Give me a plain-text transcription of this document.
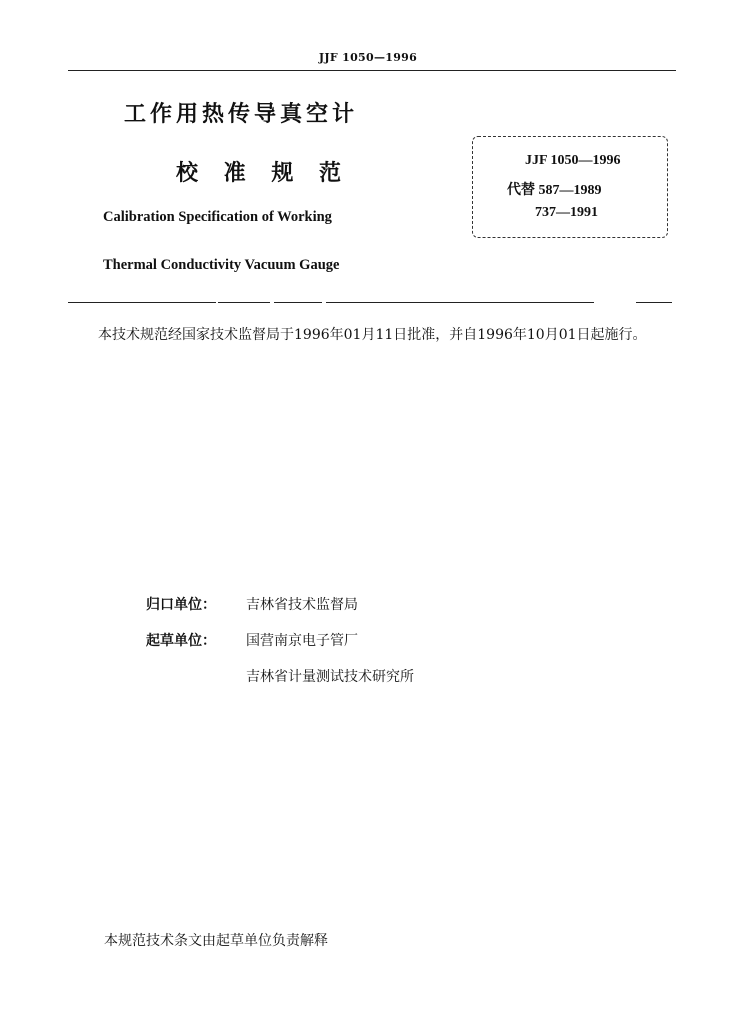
JJF 1050—1996
工作用热传导真空计
校 准 规 范
Calibration Specification of Working
Thermal Conductivity Vacuum Gauge
JJF 1050—1996
代替 587—1989
737—1991
本技术规范经国家技术监督局于1996年01月11日批准，并自1996年10月01日起施行。
归口单位： 吉林省技术监督局
起草单位： 国营南京电子管厂
吉林省计量测试技术研究所
本规范技术条文由起草单位负责解释
